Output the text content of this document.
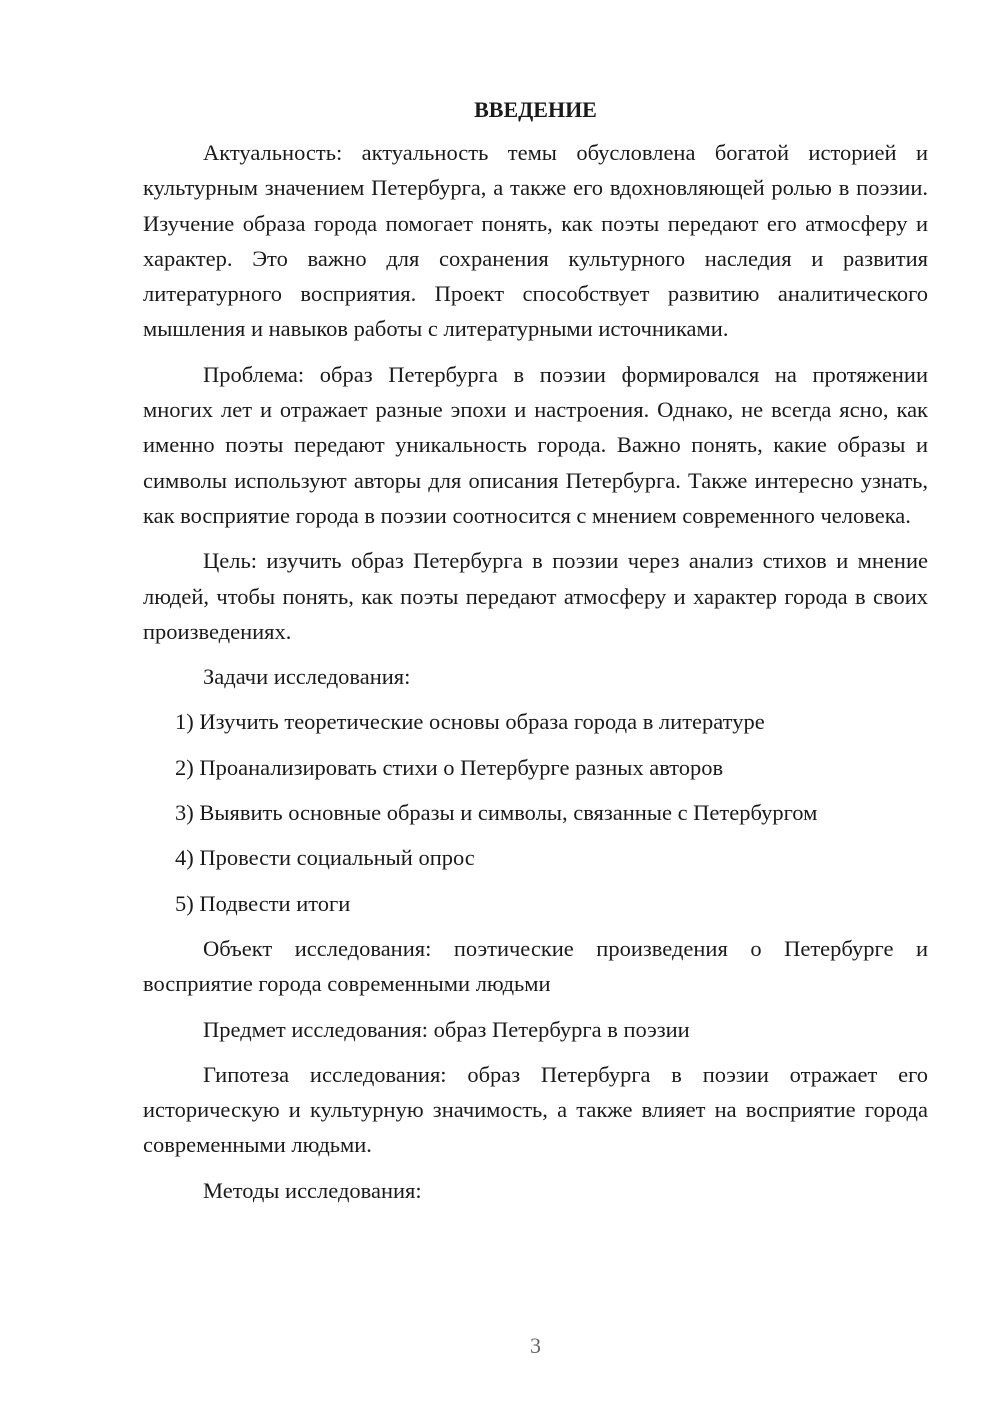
ВВЕДЕНИЕ

Актуальность: актуальность темы обусловлена богатой историей и культурным значением Петербурга, а также его вдохновляющей ролью в поэзии. Изучение образа города помогает понять, как поэты передают его атмосферу и характер. Это важно для сохранения культурного наследия и развития литературного восприятия. Проект способствует развитию аналитического мышления и навыков работы с литературными источниками.

Проблема: образ Петербурга в поэзии формировался на протяжении многих лет и отражает разные эпохи и настроения. Однако, не всегда ясно, как именно поэты передают уникальность города. Важно понять, какие образы и символы используют авторы для описания Петербурга. Также интересно узнать, как восприятие города в поэзии соотносится с мнением современного человека.

Цель: изучить образ Петербурга в поэзии через анализ стихов и мнение людей, чтобы понять, как поэты передают атмосферу и характер города в своих произведениях.

Задачи исследования:

1) Изучить теоретические основы образа города в литературе

2) Проанализировать стихи о Петербурге разных авторов

3) Выявить основные образы и символы, связанные с Петербургом

4) Провести социальный опрос

5) Подвести итоги

Объект исследования: поэтические произведения о Петербурге и восприятие города современными людьми

Предмет исследования: образ Петербурга в поэзии

Гипотеза исследования: образ Петербурга в поэзии отражает его историческую и культурную значимость, а также влияет на восприятие города современными людьми.

Методы исследования:

3
